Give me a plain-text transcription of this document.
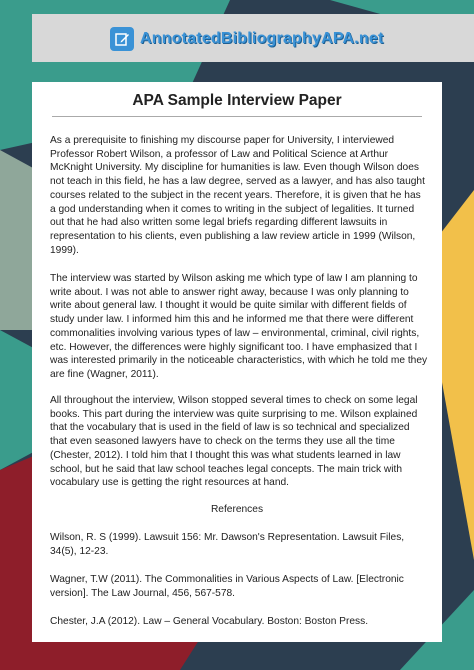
AnnotatedBibliographyAPA.net
APA Sample Interview Paper

As a prerequisite to finishing my discourse paper for University, I interviewed Professor Robert Wilson, a professor of Law and Political Science at Arthur McKnight University. My discipline for humanities is law. Even though Wilson does not teach in this field, he has a law degree, served as a lawyer, and has also taught courses related to the subject in the recent years. Therefore, it is given that he has a god understanding when it comes to writing in the subject of legalities. It turned out that he had also written some legal briefs regarding different lawsuits in representation to his clients, even publishing a law review article in 1999 (Wilson, 1999).

The interview was started by Wilson asking me which type of law I am planning to write about. I was not able to answer right away, because I was only planning to write about general law. I thought it would be quite similar with different fields of study under law. I informed him this and he informed me that there were different commonalities involving various types of law – environmental, criminal, civil rights, etc. However, the differences were highly significant too. I have emphasized that I was interested primarily in the noticeable characteristics, with which he told me they are fine (Wagner, 2011).

All throughout the interview, Wilson stopped several times to check on some legal books. This part during the interview was quite surprising to me. Wilson explained that the vocabulary that is used in the field of law is so technical and specialized that even seasoned lawyers have to check on the terms they use all the time (Chester, 2012). I told him that I thought this was what students learned in law school, but he said that law school teaches legal concepts. The main trick with vocabulary use is getting the right resources at hand.

References

Wilson, R. S (1999). Lawsuit 156: Mr. Dawson's Representation. Lawsuit Files, 34(5), 12-23.

Wagner, T.W (2011). The Commonalities in Various Aspects of Law. [Electronic version]. The Law Journal, 456, 567-578.

Chester, J.A (2012). Law – General Vocabulary. Boston: Boston Press.
